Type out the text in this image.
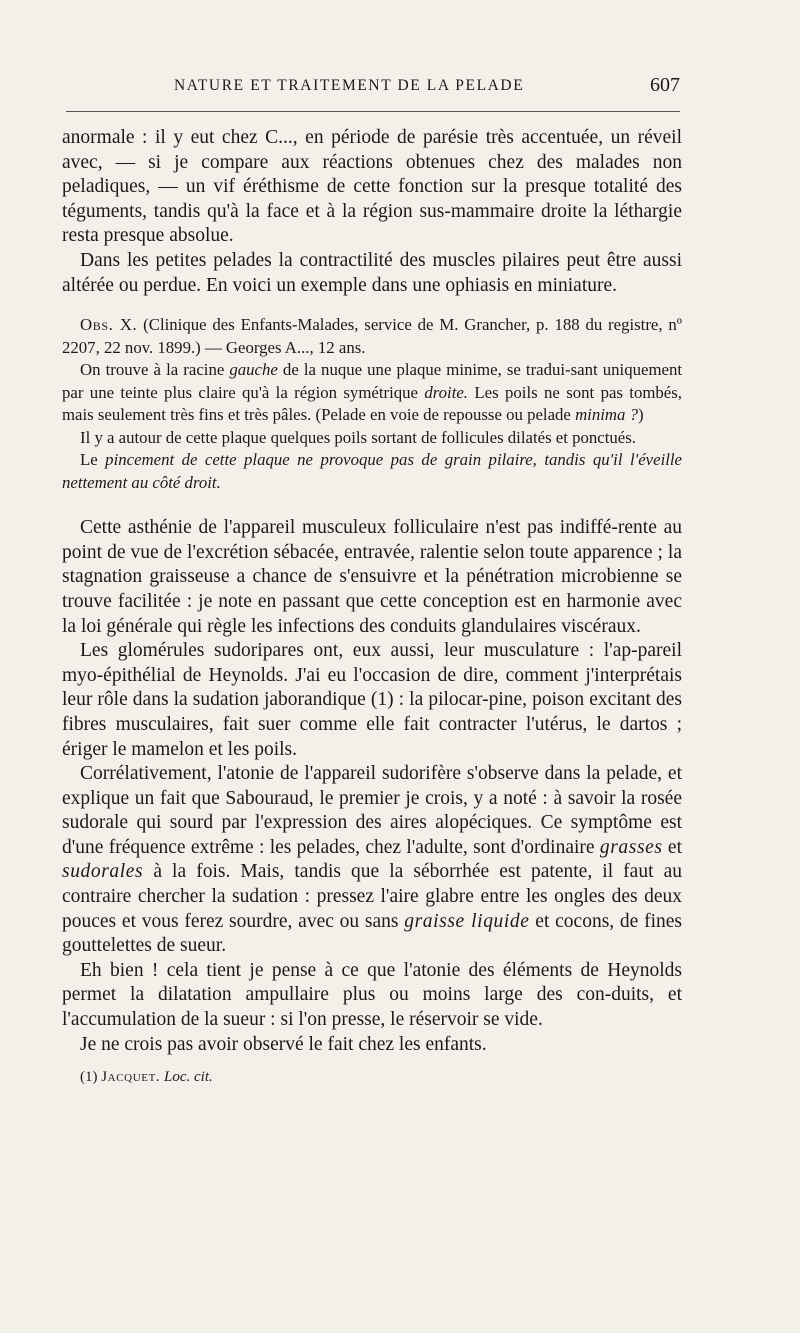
NATURE ET TRAITEMENT DE LA PELADE	607

anormale : il y eut chez C..., en période de parésie très accentuée, un réveil avec, — si je compare aux réactions obtenues chez des malades non peladiques, — un vif éréthisme de cette fonction sur la presque totalité des téguments, tandis qu'à la face et à la région sus-mammaire droite la léthargie resta presque absolue.

Dans les petites pelades la contractilité des muscles pilaires peut être aussi altérée ou perdue. En voici un exemple dans une ophiasis en miniature.

Obs. X. (Clinique des Enfants-Malades, service de M. Grancher, p. 188 du registre, nº 2207, 22 nov. 1899.) — Georges A..., 12 ans.

On trouve à la racine gauche de la nuque une plaque minime, se tradui-sant uniquement par une teinte plus claire qu'à la région symétrique droite. Les poils ne sont pas tombés, mais seulement très fins et très pâles. (Pelade en voie de repousse ou pelade minima ?)

Il y a autour de cette plaque quelques poils sortant de follicules dilatés et ponctués.

Le pincement de cette plaque ne provoque pas de grain pilaire, tandis qu'il l'éveille nettement au côté droit.

Cette asthénie de l'appareil musculeux folliculaire n'est pas indiffé-rente au point de vue de l'excrétion sébacée, entravée, ralentie selon toute apparence ; la stagnation graisseuse a chance de s'ensuivre et la pénétration microbienne se trouve facilitée : je note en passant que cette conception est en harmonie avec la loi générale qui règle les infections des conduits glandulaires viscéraux.

Les glomérules sudoripares ont, eux aussi, leur musculature : l'ap-pareil myo-épithélial de Heynolds. J'ai eu l'occasion de dire, comment j'interprétais leur rôle dans la sudation jaborandique (1) : la pilocar-pine, poison excitant des fibres musculaires, fait suer comme elle fait contracter l'utérus, le dartos ; ériger le mamelon et les poils.

Corrélativement, l'atonie de l'appareil sudorifère s'observe dans la pelade, et explique un fait que Sabouraud, le premier je crois, y a noté : à savoir la rosée sudorale qui sourd par l'expression des aires alopéciques. Ce symptôme est d'une fréquence extrême : les pelades, chez l'adulte, sont d'ordinaire grasses et sudorales à la fois. Mais, tandis que la séborrhée est patente, il faut au contraire chercher la sudation : pressez l'aire glabre entre les ongles des deux pouces et vous ferez sourdre, avec ou sans graisse liquide et cocons, de fines gouttelettes de sueur.

Eh bien ! cela tient je pense à ce que l'atonie des éléments de Heynolds permet la dilatation ampullaire plus ou moins large des con-duits, et l'accumulation de la sueur : si l'on presse, le réservoir se vide.

Je ne crois pas avoir observé le fait chez les enfants.

(1) Jacquet. Loc. cit.
